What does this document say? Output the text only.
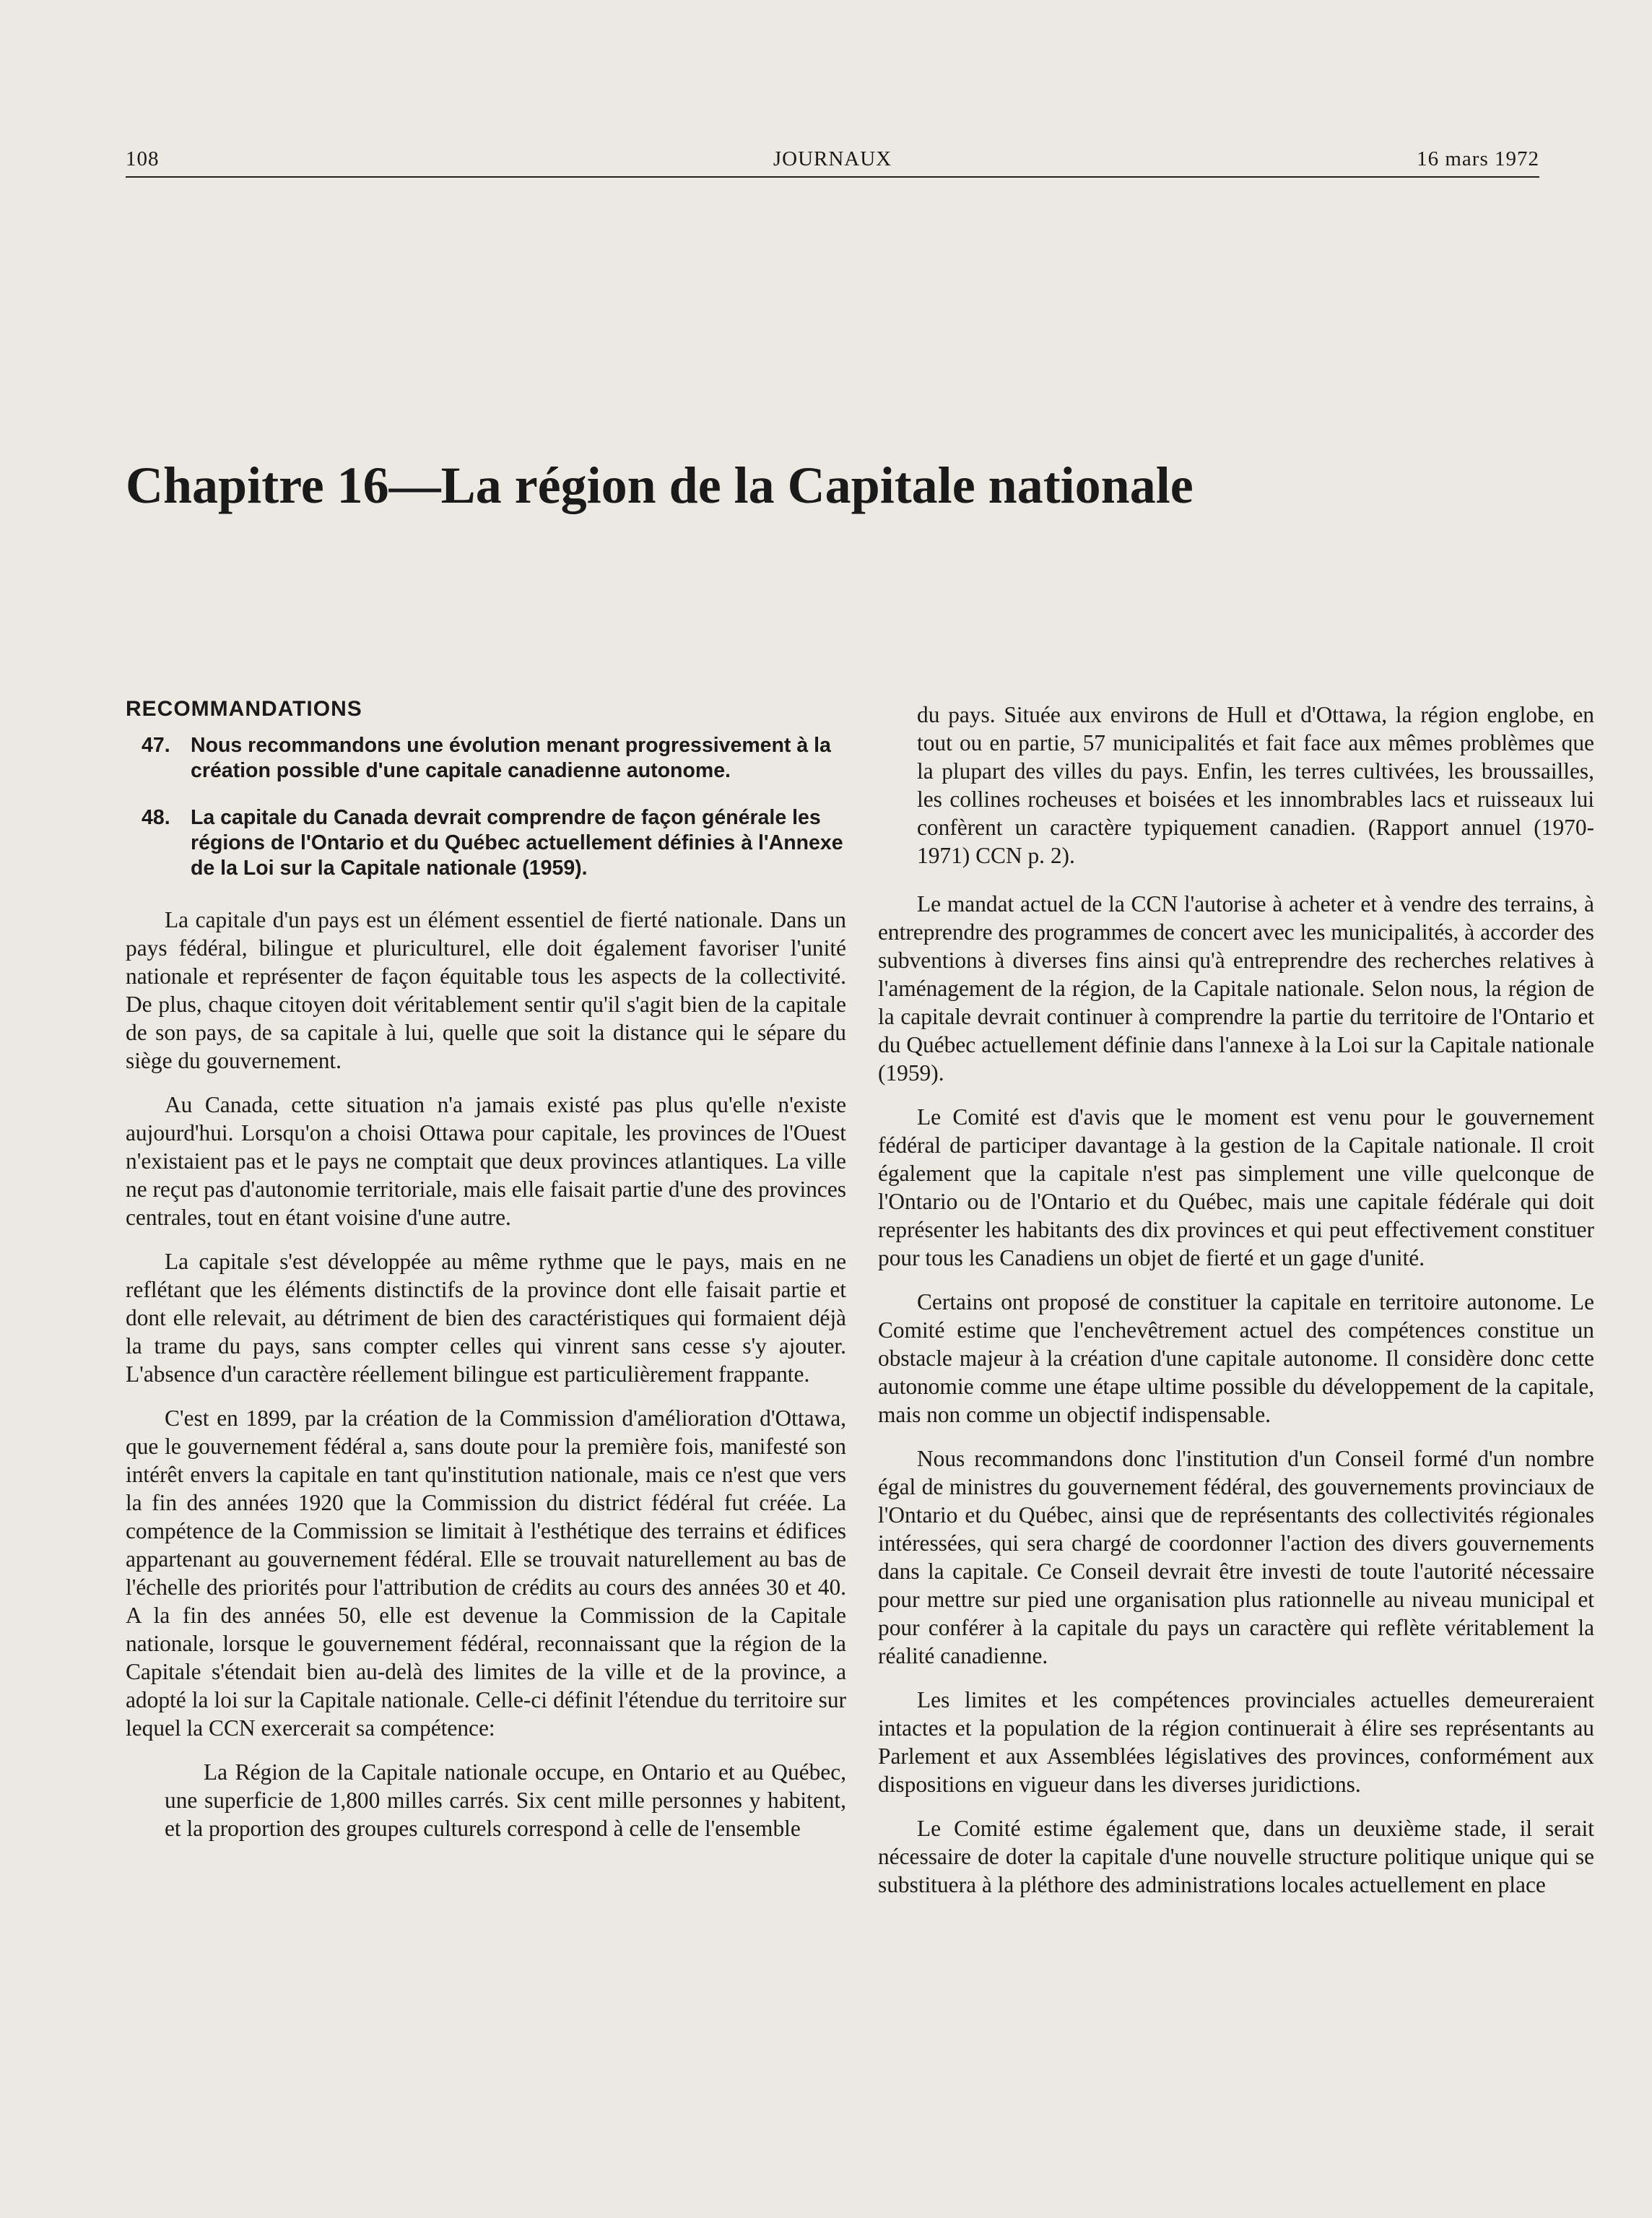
108	JOURNAUX	16 mars 1972
Chapitre 16—La région de la Capitale nationale
RECOMMANDATIONS
47. Nous recommandons une évolution menant progressivement à la création possible d'une capitale canadienne autonome.
48. La capitale du Canada devrait comprendre de façon générale les régions de l'Ontario et du Québec actuellement définies à l'Annexe de la Loi sur la Capitale nationale (1959).

La capitale d'un pays est un élément essentiel de fierté nationale. Dans un pays fédéral, bilingue et pluriculturel, elle doit également favoriser l'unité nationale et représenter de façon équitable tous les aspects de la collectivité. De plus, chaque citoyen doit véritablement sentir qu'il s'agit bien de la capitale de son pays, de sa capitale à lui, quelle que soit la distance qui le sépare du siège du gouvernement.

Au Canada, cette situation n'a jamais existé pas plus qu'elle n'existe aujourd'hui. Lorsqu'on a choisi Ottawa pour capitale, les provinces de l'Ouest n'existaient pas et le pays ne comptait que deux provinces atlantiques. La ville ne reçut pas d'autonomie territoriale, mais elle faisait partie d'une des provinces centrales, tout en étant voisine d'une autre.

La capitale s'est développée au même rythme que le pays, mais en ne reflétant que les éléments distinctifs de la province dont elle faisait partie et dont elle relevait, au détriment de bien des caractéristiques qui formaient déjà la trame du pays, sans compter celles qui vinrent sans cesse s'y ajouter. L'absence d'un caractère réellement bilingue est particulièrement frappante.

C'est en 1899, par la création de la Commission d'amélioration d'Ottawa, que le gouvernement fédéral a, sans doute pour la première fois, manifesté son intérêt envers la capitale en tant qu'institution nationale, mais ce n'est que vers la fin des années 1920 que la Commission du district fédéral fut créée. La compétence de la Commission se limitait à l'esthétique des terrains et édifices appartenant au gouvernement fédéral. Elle se trouvait naturellement au bas de l'échelle des priorités pour l'attribution de crédits au cours des années 30 et 40. A la fin des années 50, elle est devenue la Commission de la Capitale nationale, lorsque le gouvernement fédéral, reconnaissant que la région de la Capitale s'étendait bien au-delà des limites de la ville et de la province, a adopté la loi sur la Capitale nationale. Celle-ci définit l'étendue du territoire sur lequel la CCN exercerait sa compétence:

La Région de la Capitale nationale occupe, en Ontario et au Québec, une superficie de 1,800 milles carrés. Six cent mille personnes y habitent, et la proportion des groupes culturels correspond à celle de l'ensemble

du pays. Située aux environs de Hull et d'Ottawa, la région englobe, en tout ou en partie, 57 municipalités et fait face aux mêmes problèmes que la plupart des villes du pays. Enfin, les terres cultivées, les broussailles, les collines rocheuses et boisées et les innombrables lacs et ruisseaux lui confèrent un caractère typiquement canadien. (Rapport annuel (1970-1971) CCN p. 2).

Le mandat actuel de la CCN l'autorise à acheter et à vendre des terrains, à entreprendre des programmes de concert avec les municipalités, à accorder des subventions à diverses fins ainsi qu'à entreprendre des recherches relatives à l'aménagement de la région, de la Capitale nationale. Selon nous, la région de la capitale devrait continuer à comprendre la partie du territoire de l'Ontario et du Québec actuellement définie dans l'annexe à la Loi sur la Capitale nationale (1959).

Le Comité est d'avis que le moment est venu pour le gouvernement fédéral de participer davantage à la gestion de la Capitale nationale. Il croit également que la capitale n'est pas simplement une ville quelconque de l'Ontario ou de l'Ontario et du Québec, mais une capitale fédérale qui doit représenter les habitants des dix provinces et qui peut effectivement constituer pour tous les Canadiens un objet de fierté et un gage d'unité.

Certains ont proposé de constituer la capitale en territoire autonome. Le Comité estime que l'enchevêtrement actuel des compétences constitue un obstacle majeur à la création d'une capitale autonome. Il considère donc cette autonomie comme une étape ultime possible du développement de la capitale, mais non comme un objectif indispensable.

Nous recommandons donc l'institution d'un Conseil formé d'un nombre égal de ministres du gouvernement fédéral, des gouvernements provinciaux de l'Ontario et du Québec, ainsi que de représentants des collectivités régionales intéressées, qui sera chargé de coordonner l'action des divers gouvernements dans la capitale. Ce Conseil devrait être investi de toute l'autorité nécessaire pour mettre sur pied une organisation plus rationnelle au niveau municipal et pour conférer à la capitale du pays un caractère qui reflète véritablement la réalité canadienne.

Les limites et les compétences provinciales actuelles demeureraient intactes et la population de la région continuerait à élire ses représentants au Parlement et aux Assemblées législatives des provinces, conformément aux dispositions en vigueur dans les diverses juridictions.

Le Comité estime également que, dans un deuxième stade, il serait nécessaire de doter la capitale d'une nouvelle structure politique unique qui se substituera à la pléthore des administrations locales actuellement en place
